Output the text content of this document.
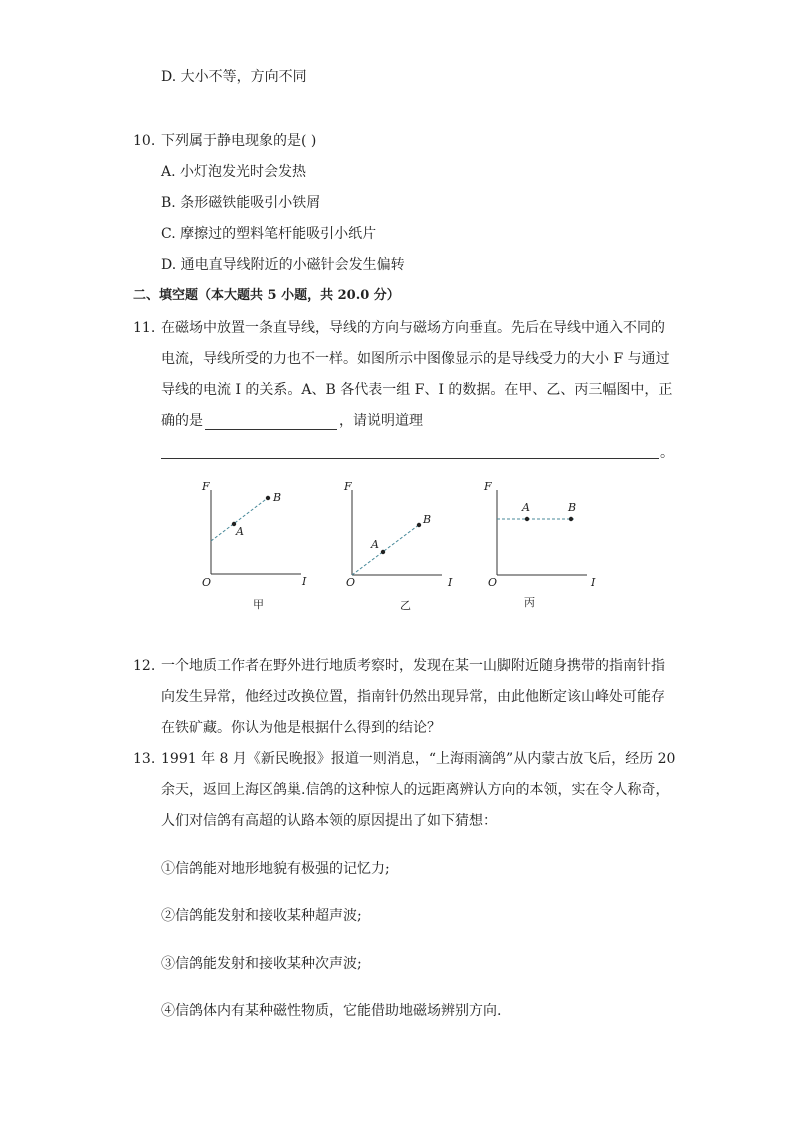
D. 大小不等，方向不同
10. 下列属于静电现象的是( )
A. 小灯泡发光时会发热
B. 条形磁铁能吸引小铁屑
C. 摩擦过的塑料笔杆能吸引小纸片
D. 通电直导线附近的小磁针会发生偏转
二、填空题（本大题共 5 小题，共 20.0 分）
11. 在磁场中放置一条直导线，导线的方向与磁场方向垂直。先后在导线中通入不同的
电流，导线所受的力也不一样。如图所示中图像显示的是导线受力的大小 F 与通过
导线的电流 I 的关系。A、B 各代表一组 F、I 的数据。在甲、乙、丙三幅图中，正
确的是	，请说明道理
。
F
I
O
A
B
甲
F
I
O
A
B
乙
F
I
O
A	B
丙
12. 一个地质工作者在野外进行地质考察时，发现在某一山脚附近随身携带的指南针指
向发生异常，他经过改换位置，指南针仍然出现异常，由此他断定该山峰处可能存
在铁矿藏。你认为他是根据什么得到的结论？
13. 1991 年 8 月《新民晚报》报道一则消息，“上海雨滴鸽”从内蒙古放飞后，经历 20
余天，返回上海区鸽巢.信鸽的这种惊人的远距离辨认方向的本领，实在令人称奇，
人们对信鸽有高超的认路本领的原因提出了如下猜想：
①信鸽能对地形地貌有极强的记忆力;
②信鸽能发射和接收某种超声波;
③信鸽能发射和接收某种次声波;
④信鸽体内有某种磁性物质，它能借助地磁场辨别方向.
